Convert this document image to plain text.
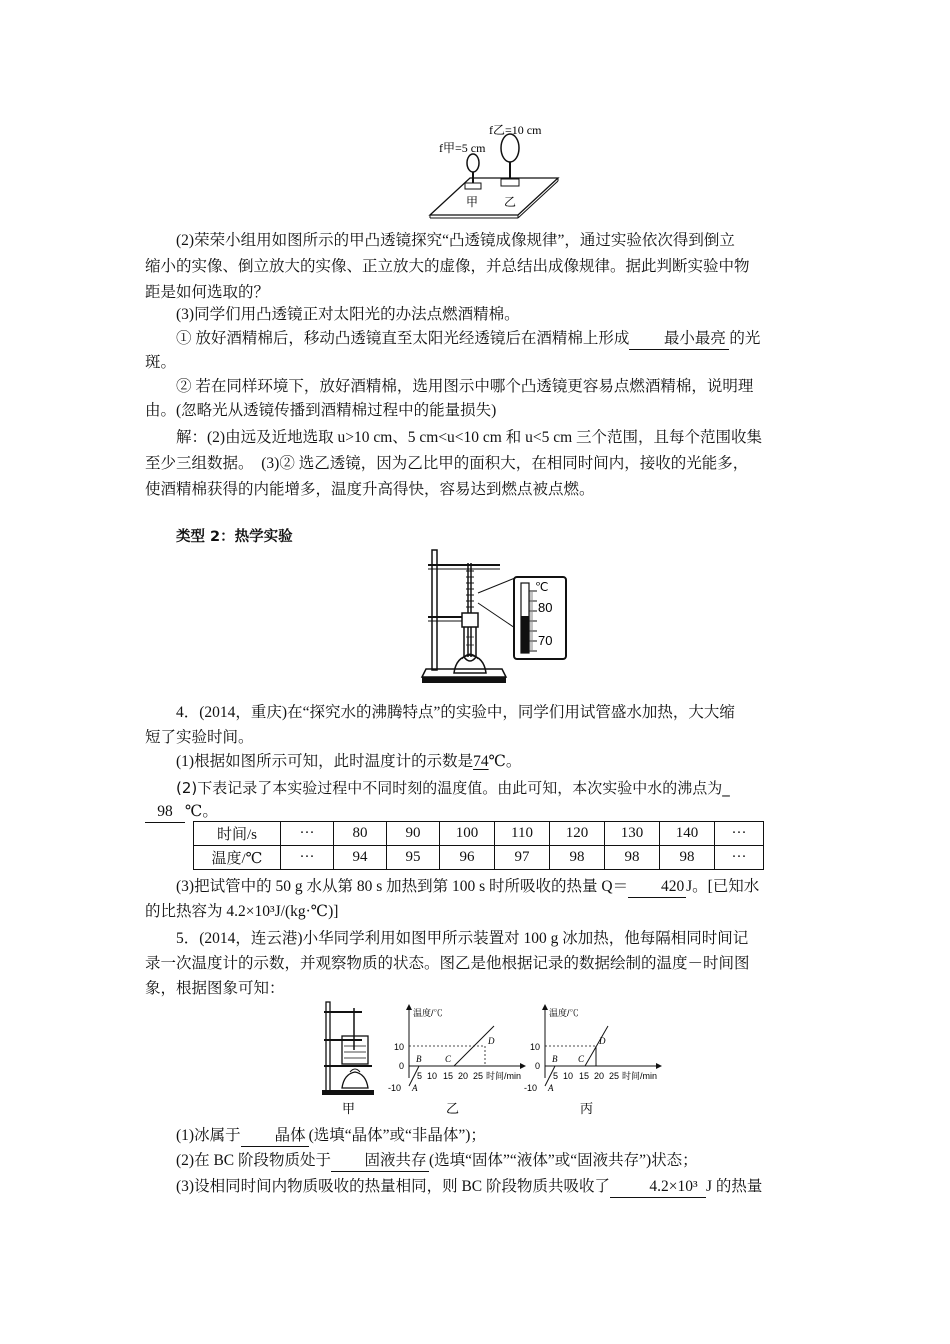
f乙=10 cm
f甲=5 cm
甲 乙

(2)荣荣小组用如图所示的甲凸透镜探究“凸透镜成像规律”，通过实验依次得到倒立

缩小的实像、倒立放大的实像、正立放大的虚像，并总结出成像规律。据此判断实验中物

距是如何选取的？

(3)同学们用凸透镜正对太阳光的办法点燃酒精棉。

① 放好酒精棉后，移动凸透镜直至太阳光经透镜后在酒精棉上形成 最小最亮 的光

斑。

② 若在同样环境下，放好酒精棉，选用图示中哪个凸透镜更容易点燃酒精棉，说明理

由。(忽略光从透镜传播到酒精棉过程中的能量损失)

解：(2)由远及近地选取 u>10 cm、5 cm<u<10 cm 和 u<5 cm 三个范围，且每个范围收集

至少三组数据。　(3)② 选乙透镜，因为乙比甲的面积大，在相同时间内，接收的光能多，

使酒精棉获得的内能增多，温度升高得快，容易达到燃点被点燃。

类型 2：热学实验

℃
80
70

4．(2014，重庆)在“探究水的沸腾特点”的实验中，同学们用试管盛水加热，大大缩

短了实验时间。

(1)根据如图所示可知，此时温度计的示数是74℃。

(2)下表记录了本实验过程中不同时刻的温度值。由此可知，本次实验中水的沸点为_

98 ℃。

时间/s	···	80	90	100	110	120	130	140	···
温度/℃	···	94	95	96	97	98	98	98	···

(3)把试管中的 50 g 水从第 80 s 加热到第 100 s 时所吸收的热量 Q＝ 420 J。[已知水

的比热容为 4.2×10³J/(kg·℃)]

5．(2014，连云港)小华同学利用如图甲所示装置对 100 g 冰加热，他每隔相同时间记

录一次温度计的示数，并观察物质的状态。图乙是他根据记录的数据绘制的温度－时间图

象，根据图象可知：

甲
温度/℃
时间/min
10
0
-10
5 10 15 20 25
A
B	C
D
乙
温度/℃
时间/min
10
0
-10
5 10 15 20 25
A
B C
D
丙

(1)冰属于 晶体 (选填“晶体”或“非晶体”)；

(2)在 BC 阶段物质处于 固液共存 (选填“固体”“液体”或“固液共存”)状态；

(3)设相同时间内物质吸收的热量相同，则 BC 阶段物质共吸收了	4.2×10³ J 的热量
